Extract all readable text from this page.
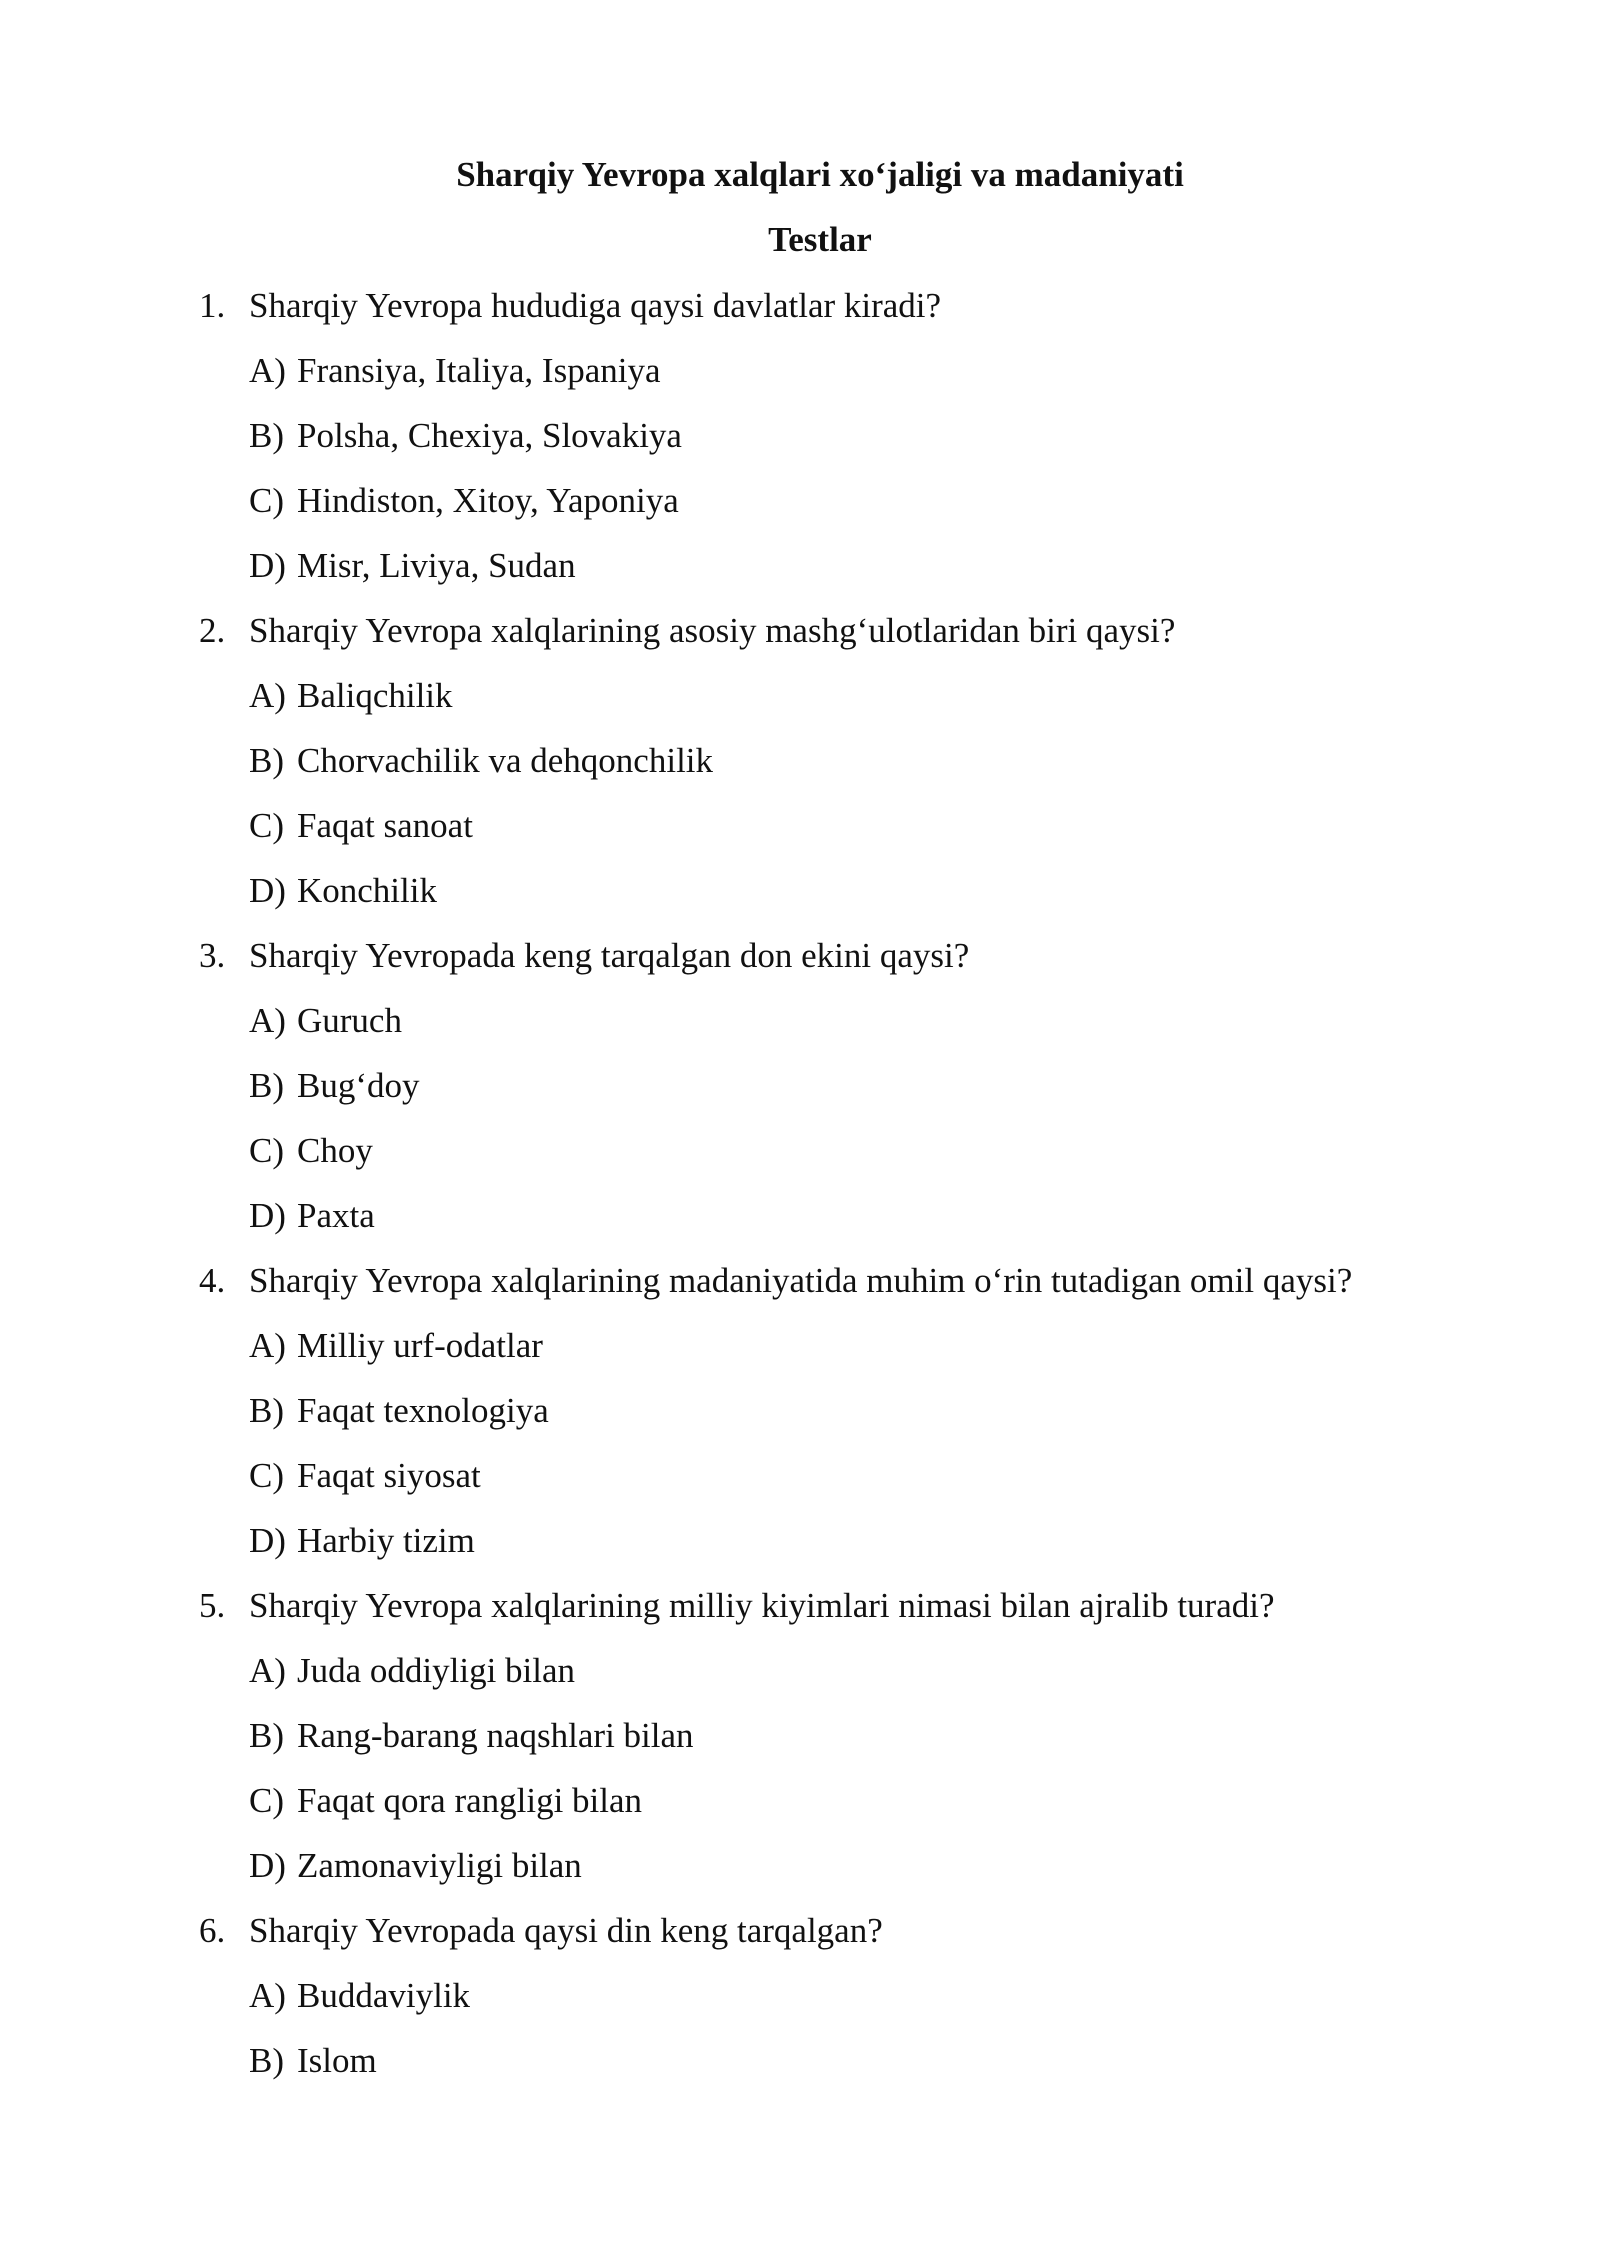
Sharqiy Yevropa xalqlari xo‘jaligi va madaniyati
Testlar
1. Sharqiy Yevropa hududiga qaysi davlatlar kiradi?
A) Fransiya, Italiya, Ispaniya
B) Polsha, Chexiya, Slovakiya
C) Hindiston, Xitoy, Yaponiya
D) Misr, Liviya, Sudan
2. Sharqiy Yevropa xalqlarining asosiy mashg‘ulotlaridan biri qaysi?
A) Baliqchilik
B) Chorvachilik va dehqonchilik
C) Faqat sanoat
D) Konchilik
3. Sharqiy Yevropada keng tarqalgan don ekini qaysi?
A) Guruch
B) Bug‘doy
C) Choy
D) Paxta
4. Sharqiy Yevropa xalqlarining madaniyatida muhim o‘rin tutadigan omil qaysi?
A) Milliy urf-odatlar
B) Faqat texnologiya
C) Faqat siyosat
D) Harbiy tizim
5. Sharqiy Yevropa xalqlarining milliy kiyimlari nimasi bilan ajralib turadi?
A) Juda oddiyligi bilan
B) Rang-barang naqshlari bilan
C) Faqat qora rangligi bilan
D) Zamonaviyligi bilan
6. Sharqiy Yevropada qaysi din keng tarqalgan?
A) Buddaviylik
B) Islom
